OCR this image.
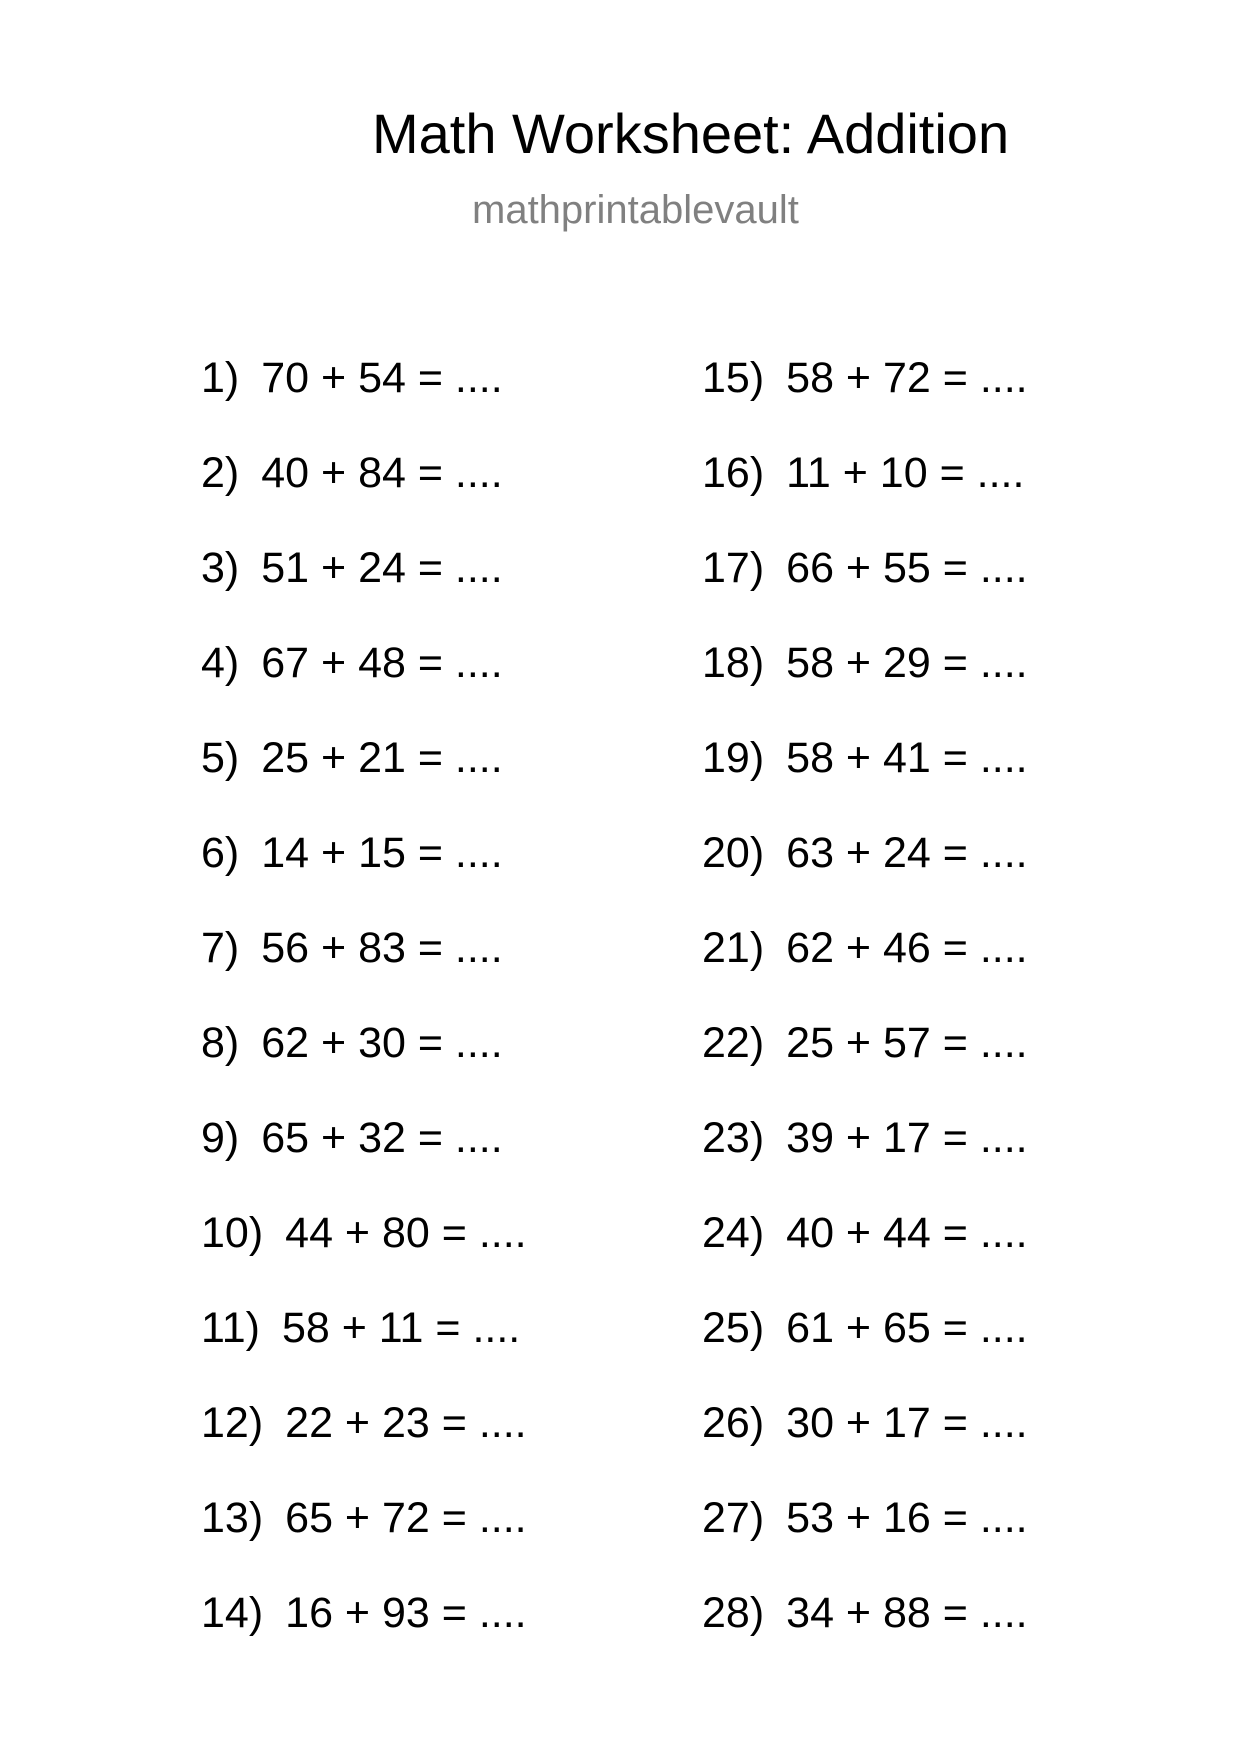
Math Worksheet: Addition
mathprintablevault
1) 70 + 54 = ....
2) 40 + 84 = ....
3) 51 + 24 = ....
4) 67 + 48 = ....
5) 25 + 21 = ....
6) 14 + 15 = ....
7) 56 + 83 = ....
8) 62 + 30 = ....
9) 65 + 32 = ....
10) 44 + 80 = ....
11) 58 + 11 = ....
12) 22 + 23 = ....
13) 65 + 72 = ....
14) 16 + 93 = ....
15) 58 + 72 = ....
16) 11 + 10 = ....
17) 66 + 55 = ....
18) 58 + 29 = ....
19) 58 + 41 = ....
20) 63 + 24 = ....
21) 62 + 46 = ....
22) 25 + 57 = ....
23) 39 + 17 = ....
24) 40 + 44 = ....
25) 61 + 65 = ....
26) 30 + 17 = ....
27) 53 + 16 = ....
28) 34 + 88 = ....
